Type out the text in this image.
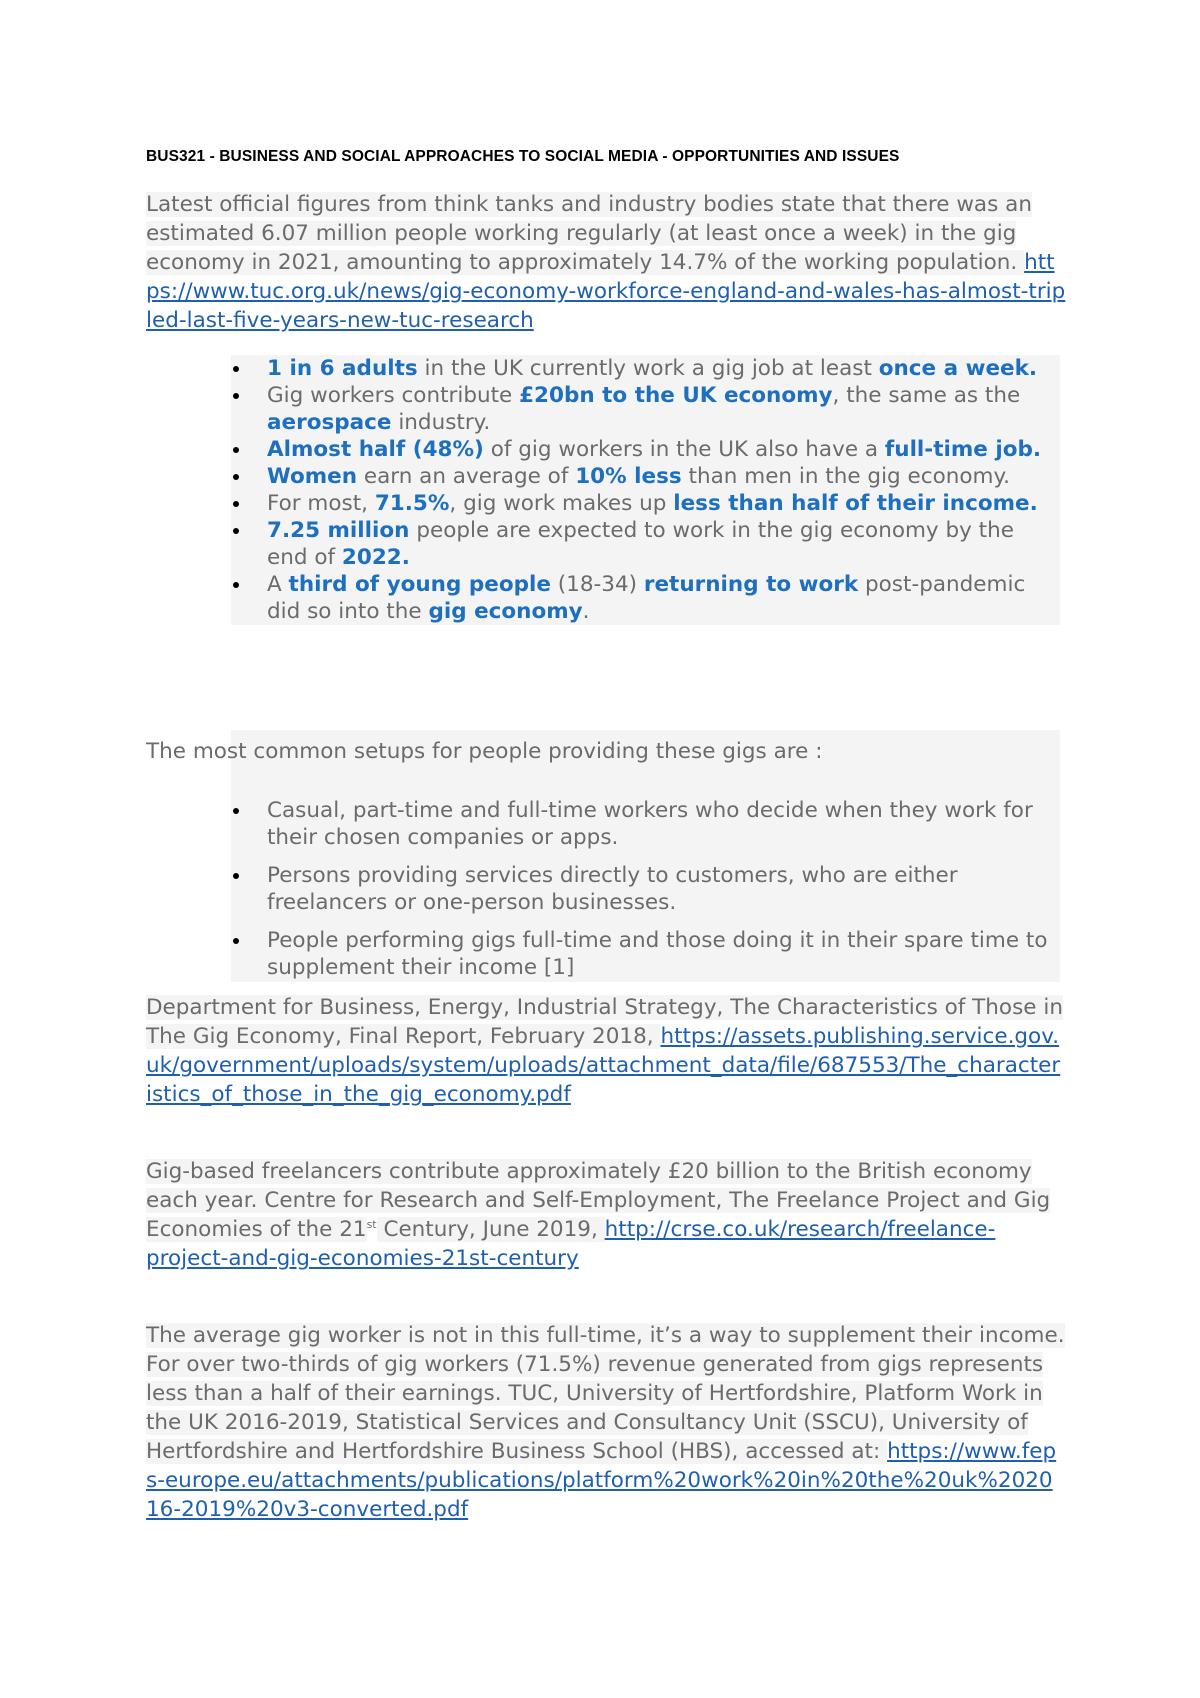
BUS321 - BUSINESS AND SOCIAL APPROACHES TO SOCIAL MEDIA - OPPORTUNITIES AND ISSUES
Latest official figures from think tanks and industry bodies state that there was an estimated 6.07 million people working regularly (at least once a week) in the gig economy in 2021, amounting to approximately 14.7% of the working population. https://www.tuc.org.uk/news/gig-economy-workforce-england-and-wales-has-almost-tripled-last-five-years-new-tuc-research
1 in 6 adults in the UK currently work a gig job at least once a week.
Gig workers contribute £20bn to the UK economy, the same as the aerospace industry.
Almost half (48%) of gig workers in the UK also have a full-time job.
Women earn an average of 10% less than men in the gig economy.
For most, 71.5%, gig work makes up less than half of their income.
7.25 million people are expected to work in the gig economy by the end of 2022.
A third of young people (18-34) returning to work post-pandemic did so into the gig economy.
The most common setups for people providing these gigs are :
Casual, part-time and full-time workers who decide when they work for their chosen companies or apps.
Persons providing services directly to customers, who are either freelancers or one-person businesses.
People performing gigs full-time and those doing it in their spare time to supplement their income [1]
Department for Business, Energy, Industrial Strategy, The Characteristics of Those in The Gig Economy, Final Report, February 2018, https://assets.publishing.service.gov.uk/government/uploads/system/uploads/attachment_data/file/687553/The_characteristics_of_those_in_the_gig_economy.pdf
Gig-based freelancers contribute approximately £20 billion to the British economy each year. Centre for Research and Self-Employment, The Freelance Project and Gig Economies of the 21st Century, June 2019, http://crse.co.uk/research/freelance-project-and-gig-economies-21st-century
The average gig worker is not in this full-time, it’s a way to supplement their income. For over two-thirds of gig workers (71.5%) revenue generated from gigs represents less than a half of their earnings. TUC, University of Hertfordshire, Platform Work in the UK 2016-2019, Statistical Services and Consultancy Unit (SSCU), University of Hertfordshire and Hertfordshire Business School (HBS), accessed at: https://www.feps-europe.eu/attachments/publications/platform%20work%20in%20the%20uk%202016-2019%20v3-converted.pdf
